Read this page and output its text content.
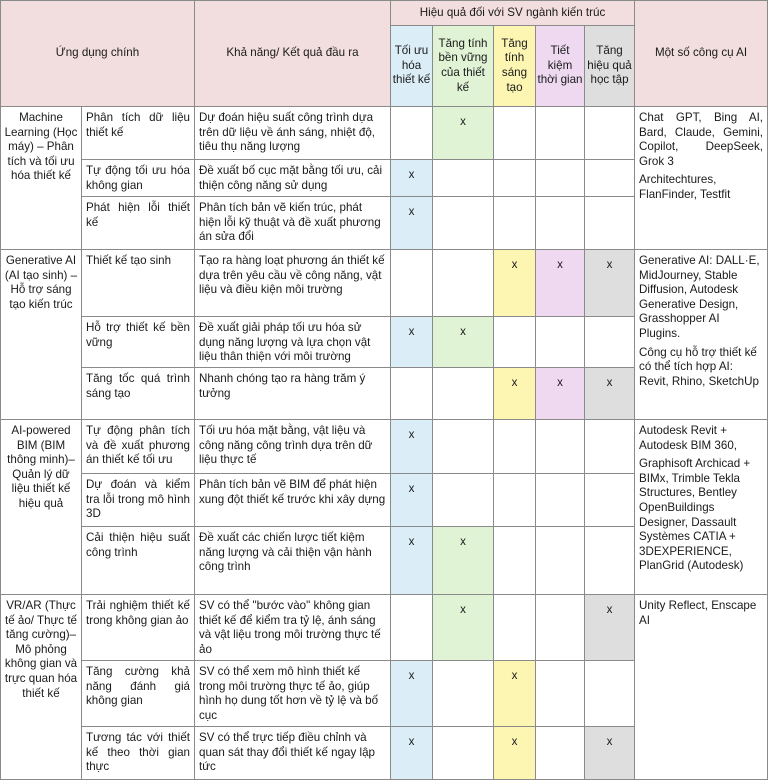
Ứng dụng chính		Khả năng/ Kết quả đầu ra	Hiệu quả đối với SV ngành kiến trúc					Một số công cụ AI
			Tối ưu hóa thiết kế	Tăng tính bền vững của thiết kế	Tăng tính sáng tạo	Tiết kiệm thời gian	Tăng hiệu quả học tập	
Machine Learning (Học máy) – Phân tích và tối ưu hóa thiết kế	Phân tích dữ liệu thiết kế	Dự đoán hiệu suất công trình dựa trên dữ liệu về ánh sáng, nhiệt độ, tiêu thụ năng lượng		x				Chat GPT, Bing AI, Bard, Claude, Gemini, Copilot, DeepSeek, Grok 3

Architechtures, FlanFinder, Testfit

	Tự động tối ưu hóa không gian	Đề xuất bố cục mặt bằng tối ưu, cải thiện công năng sử dụng	x					
	Phát hiện lỗi thiết kế	Phân tích bản vẽ kiến trúc, phát hiện lỗi kỹ thuật và đề xuất phương án sửa đổi	x					
Generative AI (AI tạo sinh) – Hỗ trợ sáng tạo kiến trúc	Thiết kế tạo sinh	Tạo ra hàng loạt phương án thiết kế dựa trên yêu cầu về công năng, vật liệu và điều kiện môi trường			x	x	x	Generative AI: DALL·E, MidJourney, Stable Diffusion, Autodesk Generative Design, Grasshopper AI Plugins.

Công cụ hỗ trợ thiết kế có thể tích hợp AI: Revit, Rhino, SketchUp

	Hỗ trợ thiết kế bền vững	Đề xuất giải pháp tối ưu hóa sử dụng năng lượng và lựa chọn vật liệu thân thiện với môi trường	x	x				
	Tăng tốc quá trình sáng tạo	Nhanh chóng tạo ra hàng trăm ý tưởng			x	x	x	
AI-powered BIM (BIM thông minh)– Quản lý dữ liệu thiết kế hiệu quả	Tự động phân tích và đề xuất phương án thiết kế tối ưu	Tối ưu hóa mặt bằng, vật liệu và công năng công trình dựa trên dữ liệu thực tế	x					Autodesk Revit + Autodesk BIM 360,

Graphisoft Archicad + BIMx, Trimble Tekla Structures, Bentley OpenBuildings Designer, Dassault Systèmes CATIA + 3DEXPERIENCE, PlanGrid (Autodesk)

	Dự đoán và kiểm tra lỗi trong mô hình 3D	Phân tích bản vẽ BIM để phát hiện xung đột thiết kế trước khi xây dựng	x					
	Cải thiện hiệu suất công trình	Đề xuất các chiến lược tiết kiệm năng lượng và cải thiện vận hành công trình	x	x				
VR/AR (Thực tế ảo/ Thực tế tăng cường)– Mô phỏng không gian và trực quan hóa thiết kế	Trải nghiệm thiết kế trong không gian ảo	SV có thể "bước vào" không gian thiết kế để kiểm tra tỷ lệ, ánh sáng và vật liệu trong môi trường thực tế ảo		x			x	Unity Reflect, Enscape AI

	Tăng cường khả năng đánh giá không gian	SV có thể xem mô hình thiết kế trong môi trường thực tế ảo, giúp hình họ dung tốt hơn về tỷ lệ và bố cục	x		x			
	Tương tác với thiết kế theo thời gian thực	SV có thể trực tiếp điều chỉnh và quan sát thay đổi thiết kế ngay lập tức	x		x		x	
